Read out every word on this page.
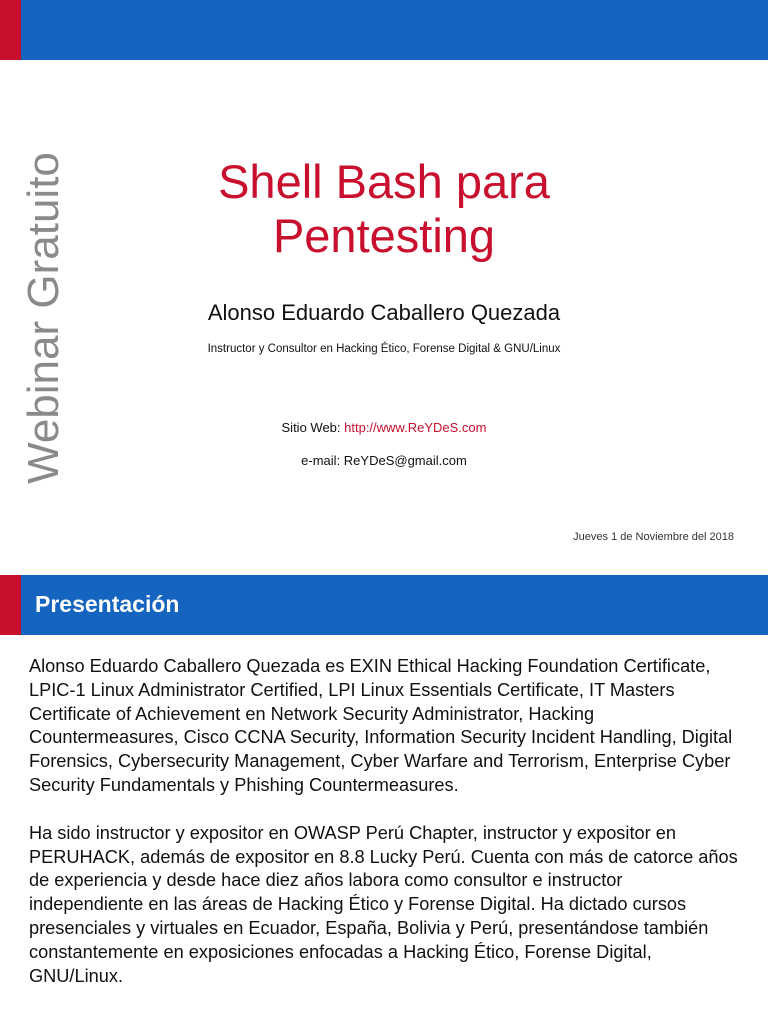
Webinar Gratuito	Shell Bash para Pentesting
Alonso Eduardo Caballero Quezada
Instructor y Consultor en Hacking Ético, Forense Digital & GNU/Linux
Sitio Web: http://www.ReYDeS.com
e-mail: ReYDeS@gmail.com
Jueves 1 de Noviembre del 2018
Presentación

Alonso Eduardo Caballero Quezada es EXIN Ethical Hacking Foundation Certificate, LPIC-1 Linux Administrator Certified, LPI Linux Essentials Certificate, IT Masters Certificate of Achievement en Network Security Administrator, Hacking Countermeasures, Cisco CCNA Security, Information Security Incident Handling, Digital Forensics, Cybersecurity Management, Cyber Warfare and Terrorism, Enterprise Cyber Security Fundamentals y Phishing Countermeasures.

Ha sido instructor y expositor en OWASP Perú Chapter, instructor y expositor en PERUHACK, además de expositor en 8.8 Lucky Perú. Cuenta con más de catorce años de experiencia y desde hace diez años labora como consultor e instructor independiente en las áreas de Hacking Ético y Forense Digital. Ha dictado cursos presenciales y virtuales en Ecuador, España, Bolivia y Perú, presentándose también constantemente en exposiciones enfocadas a Hacking Ético, Forense Digital, GNU/Linux.
